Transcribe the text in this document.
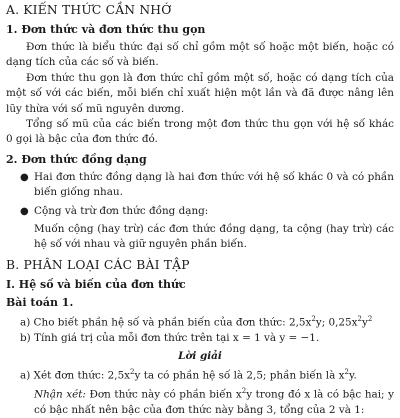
A. KIẾN THỨC CẦN NHỚ
1. Đơn thức và đơn thức thu gọn

Đơn thức là biểu thức đại số chỉ gồm một số hoặc một biến, hoặc có dạng tích của các số và biến.

Đơn thức thu gọn là đơn thức chỉ gồm một số, hoặc có dạng tích của một số với các biến, mỗi biến chỉ xuất hiện một lần và đã được nâng lên lũy thừa với số mũ nguyên dương.

Tổng số mũ của các biến trong một đơn thức thu gọn với hệ số khác 0 gọi là bậc của đơn thức đó.

2. Đơn thức đồng dạng
● Hai đơn thức đồng dạng là hai đơn thức với hệ số khác 0 và có phần biến giống nhau.
● Cộng và trừ đơn thức đồng dạng:

Muốn cộng (hay trừ) các đơn thức đồng dạng, ta cộng (hay trừ) các hệ số với nhau và giữ nguyên phần biến.

B. PHÂN LOẠI CÁC BÀI TẬP
I. Hệ số và biến của đơn thức
Bài toán 1.

a) Cho biết phần hệ số và phần biến của đơn thức: $2,5x^2y$; $0,25x^2y^2$

b) Tính giá trị của mỗi đơn thức trên tại x = 1 và y = −1.

Lời giải

a) Xét đơn thức: $2,5x^2y$ ta có phần hệ số là 2,5; phần biến là $x^2y$.

Nhận xét: Đơn thức này có phần biến $x^2y$ trong đó x là có bậc hai; y có bậc nhất nên bậc của đơn thức này bằng 3, tổng của 2 và 1:
